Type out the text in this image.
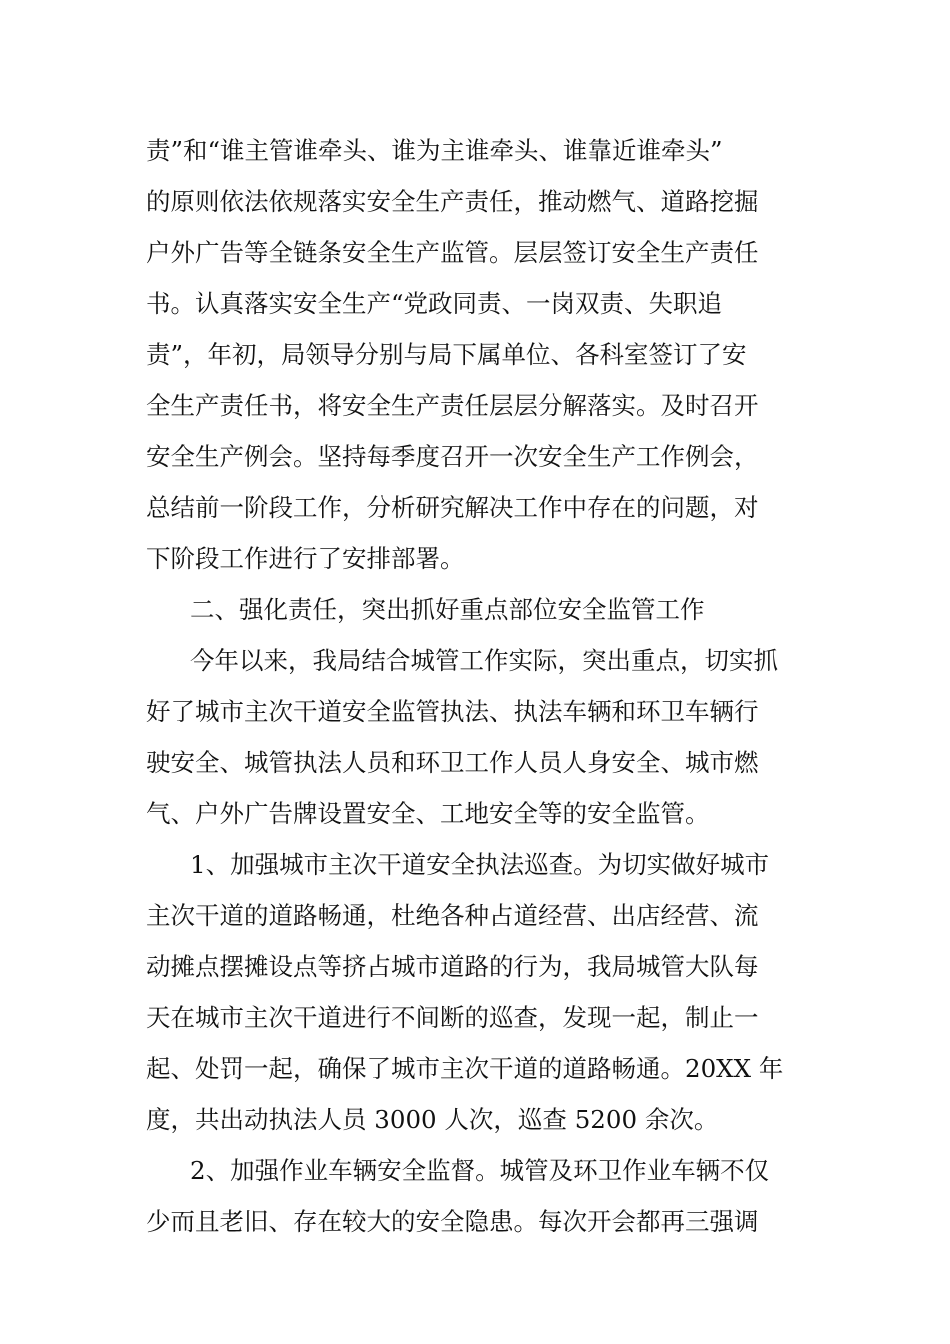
责”和“谁主管谁牵头、谁为主谁牵头、谁靠近谁牵头”
的原则依法依规落实安全生产责任，推动燃气、道路挖掘
户外广告等全链条安全生产监管。层层签订安全生产责任
书。认真落实安全生产“党政同责、一岗双责、失职追
责”，年初，局领导分别与局下属单位、各科室签订了安
全生产责任书，将安全生产责任层层分解落实。及时召开
安全生产例会。坚持每季度召开一次安全生产工作例会，
总结前一阶段工作，分析研究解决工作中存在的问题，对
下阶段工作进行了安排部署。
二、强化责任，突出抓好重点部位安全监管工作
今年以来，我局结合城管工作实际，突出重点，切实抓
好了城市主次干道安全监管执法、执法车辆和环卫车辆行
驶安全、城管执法人员和环卫工作人员人身安全、城市燃
气、户外广告牌设置安全、工地安全等的安全监管。
1、加强城市主次干道安全执法巡查。为切实做好城市
主次干道的道路畅通，杜绝各种占道经营、出店经营、流
动摊点摆摊设点等挤占城市道路的行为，我局城管大队每
天在城市主次干道进行不间断的巡查，发现一起，制止一
起、处罚一起，确保了城市主次干道的道路畅通。20XX 年
度，共出动执法人员 3000 人次，巡查 5200 余次。
2、加强作业车辆安全监督。城管及环卫作业车辆不仅
少而且老旧、存在较大的安全隐患。每次开会都再三强调
